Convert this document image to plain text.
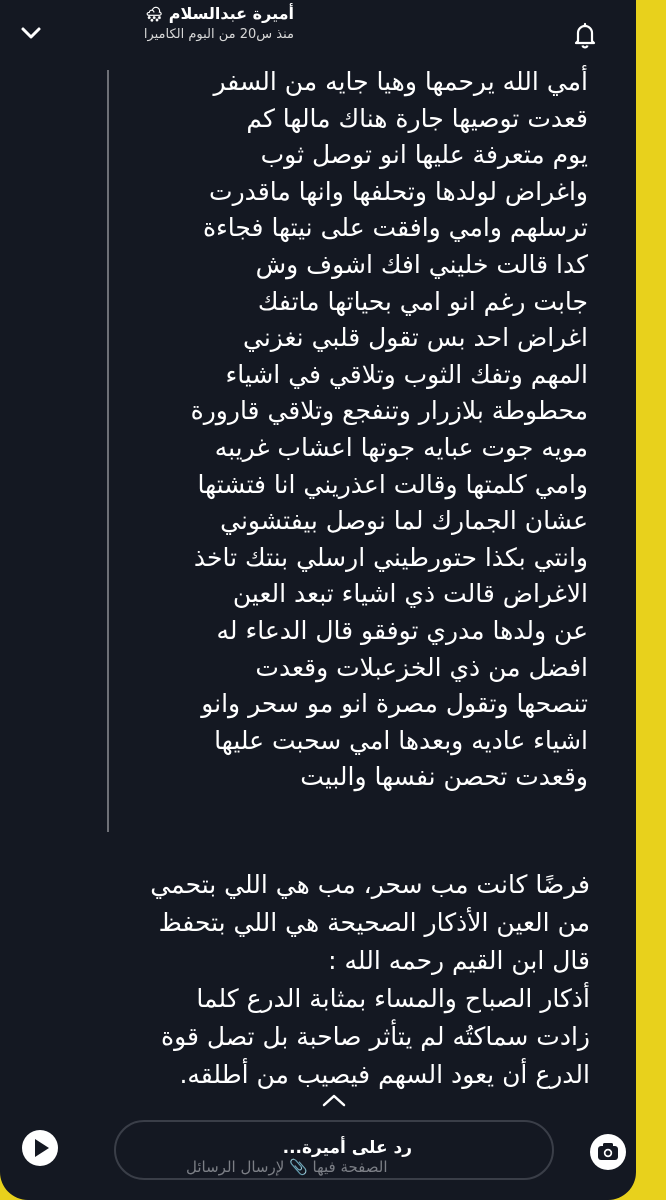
أميرة عبدالسلام 🌨
منذ س20 من البوم الكاميرا
أمي الله يرحمها وهيا جايه من السفر
قعدت توصيها جارة هناك مالها كم
يوم متعرفة عليها انو توصل ثوب
واغراض لولدها وتحلفها وانها ماقدرت
ترسلهم وامي وافقت على نيتها فجاءة
كدا قالت خليني افك اشوف وش
جابت رغم انو امي بحياتها ماتفك
اغراض احد بس تقول قلبي نغزني
المهم وتفك الثوب وتلاقي في اشياء
محطوطة بلازرار وتنفجع وتلاقي قارورة
مويه جوت عبايه جوتها اعشاب غريبه
وامي كلمتها وقالت اعذريني انا فتشتها
عشان الجمارك لما نوصل بيفتشوني
وانتي بكذا حتورطيني ارسلي بنتك تاخذ
الاغراض قالت ذي اشياء تبعد العين
عن ولدها مدري توفقو قال الدعاء له
افضل من ذي الخزعبلات وقعدت
تنصحها وتقول مصرة انو مو سحر وانو
اشياء عاديه وبعدها امي سحبت عليها
وقعدت تحصن نفسها والبيت
فرضًا كانت مب سحر، مب هي اللي بتحمي
من العين الأذكار الصحيحة هي اللي بتحفظ
قال ابن القيم رحمه الله :
أذكار الصباح والمساء بمثابة الدرع كلما
زادت سماكتُه لم يتأثر صاحبة بل تصل قوة
الدرع أن يعود السهم فيصيب من أطلقه.
رد على أميرة...
الصفحة فيها 📎 لإرسال الرسائل
